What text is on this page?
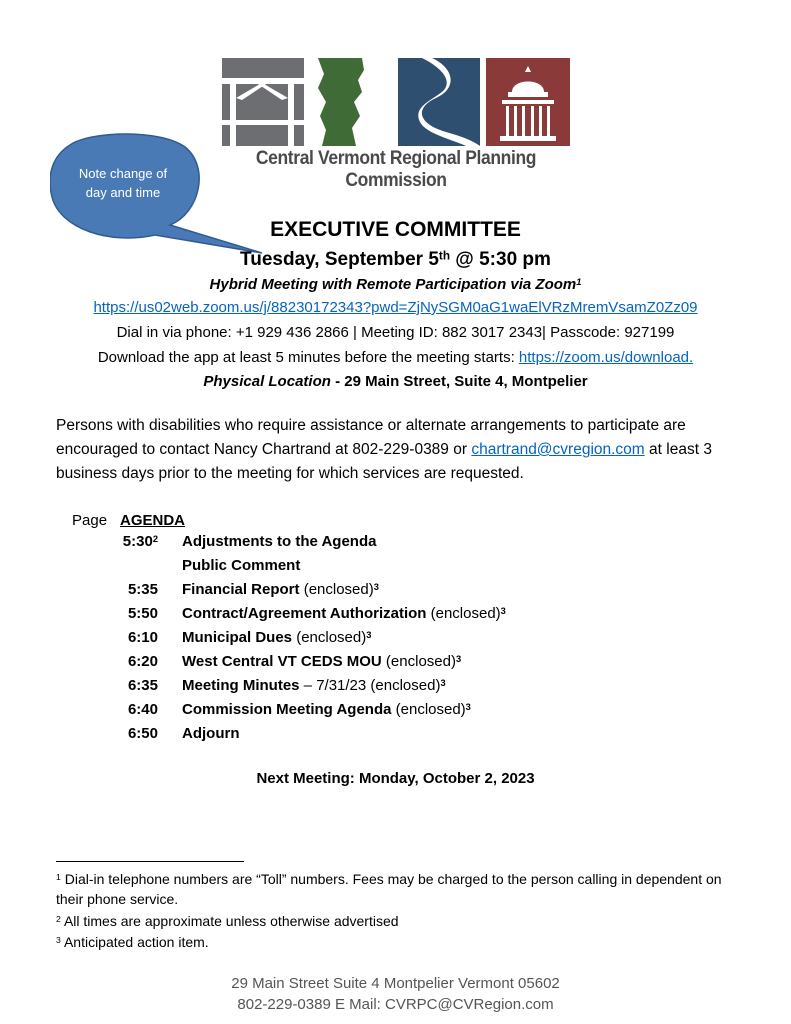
Central Vermont Regional Planning Commission
Note change of day and time
EXECUTIVE COMMITTEE
Tuesday, September 5th @ 5:30 pm
Hybrid Meeting with Remote Participation via Zoom$^1$
https://us02web.zoom.us/j/88230172343?pwd=ZjNySGM0aG1waElVRzMremVsamZ0Zz09
Dial in via phone: +1 929 436 2866 | Meeting ID: 882 3017 2343| Passcode: 927199
Download the app at least 5 minutes before the meeting starts: https://zoom.us/download.
Physical Location - 29 Main Street, Suite 4, Montpelier
Persons with disabilities who require assistance or alternate arrangements to participate are encouraged to contact Nancy Chartrand at 802-229-0389 or chartrand@cvregion.com at least 3 business days prior to the meeting for which services are requested.
Page AGENDA
$5:30^2$ Adjustments to the Agenda
Public Comment
5:35 Financial Report (enclosed)$^3$
5:50 Contract/Agreement Authorization (enclosed)$^3$
6:10 Municipal Dues (enclosed)$^3$
6:20 West Central VT CEDS MOU (enclosed)$^3$
6:35 Meeting Minutes – 7/31/23 (enclosed)$^3$
6:40 Commission Meeting Agenda (enclosed)$^3$
6:50 Adjourn
Next Meeting: Monday, October 2, 2023
$^1$ Dial-in telephone numbers are “Toll” numbers. Fees may be charged to the person calling in dependent on their phone service.
$^2$ All times are approximate unless otherwise advertised
$^3$ Anticipated action item.
29 Main Street Suite 4 Montpelier Vermont 05602
802-229-0389 E Mail: CVRPC@CVRegion.com
